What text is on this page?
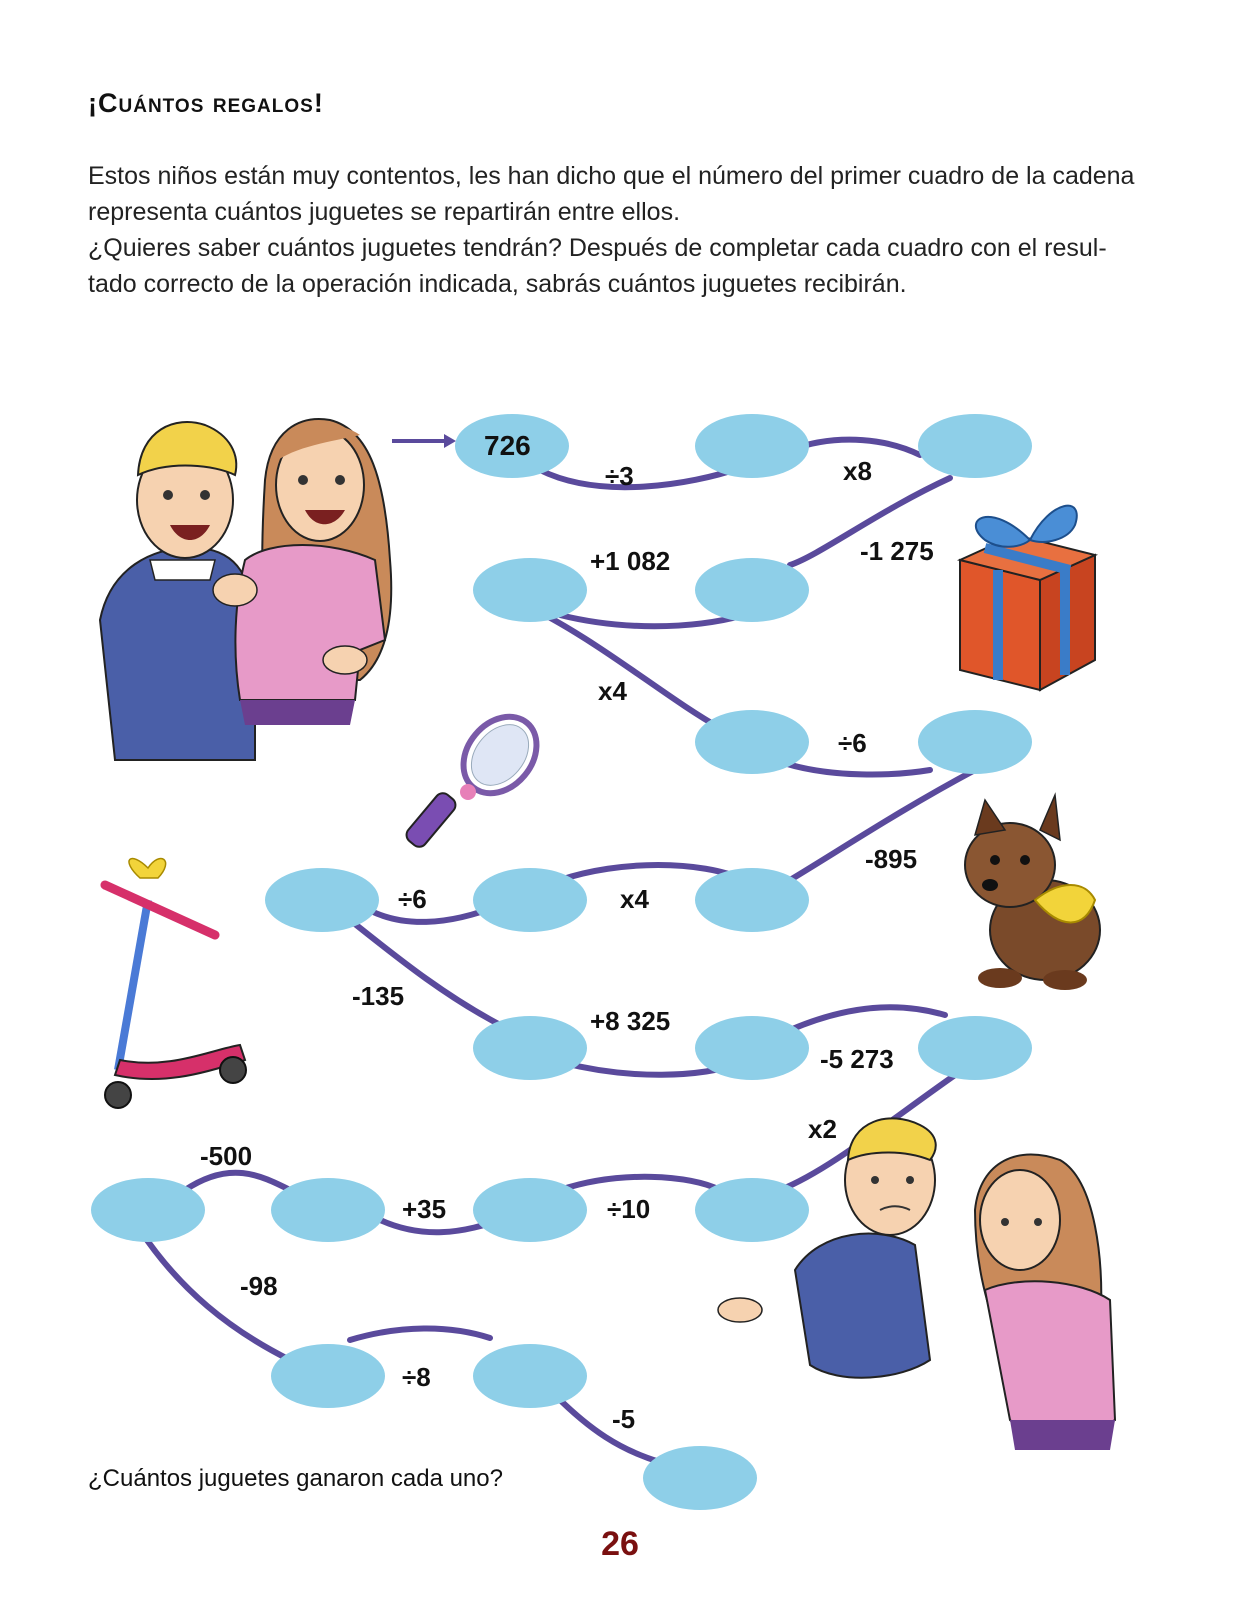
¡Cuántos regalos!

Estos niños están muy contentos, les han dicho que el número del primer cuadro de la cadena representa cuántos juguetes se repartirán entre ellos.

¿Quieres saber cuántos juguetes tendrán? Después de completar cada cuadro con el resul-tado correcto de la operación indicada, sabrás cuántos juguetes recibirán.

726
÷3	x8
-1 275
+1 082
x4
÷6
-895
x4
÷6
-135
+8 325
-5 273
x2
÷10
+35
-500
-98
÷8
-5
¿Cuántos juguetes ganaron cada uno?
26
